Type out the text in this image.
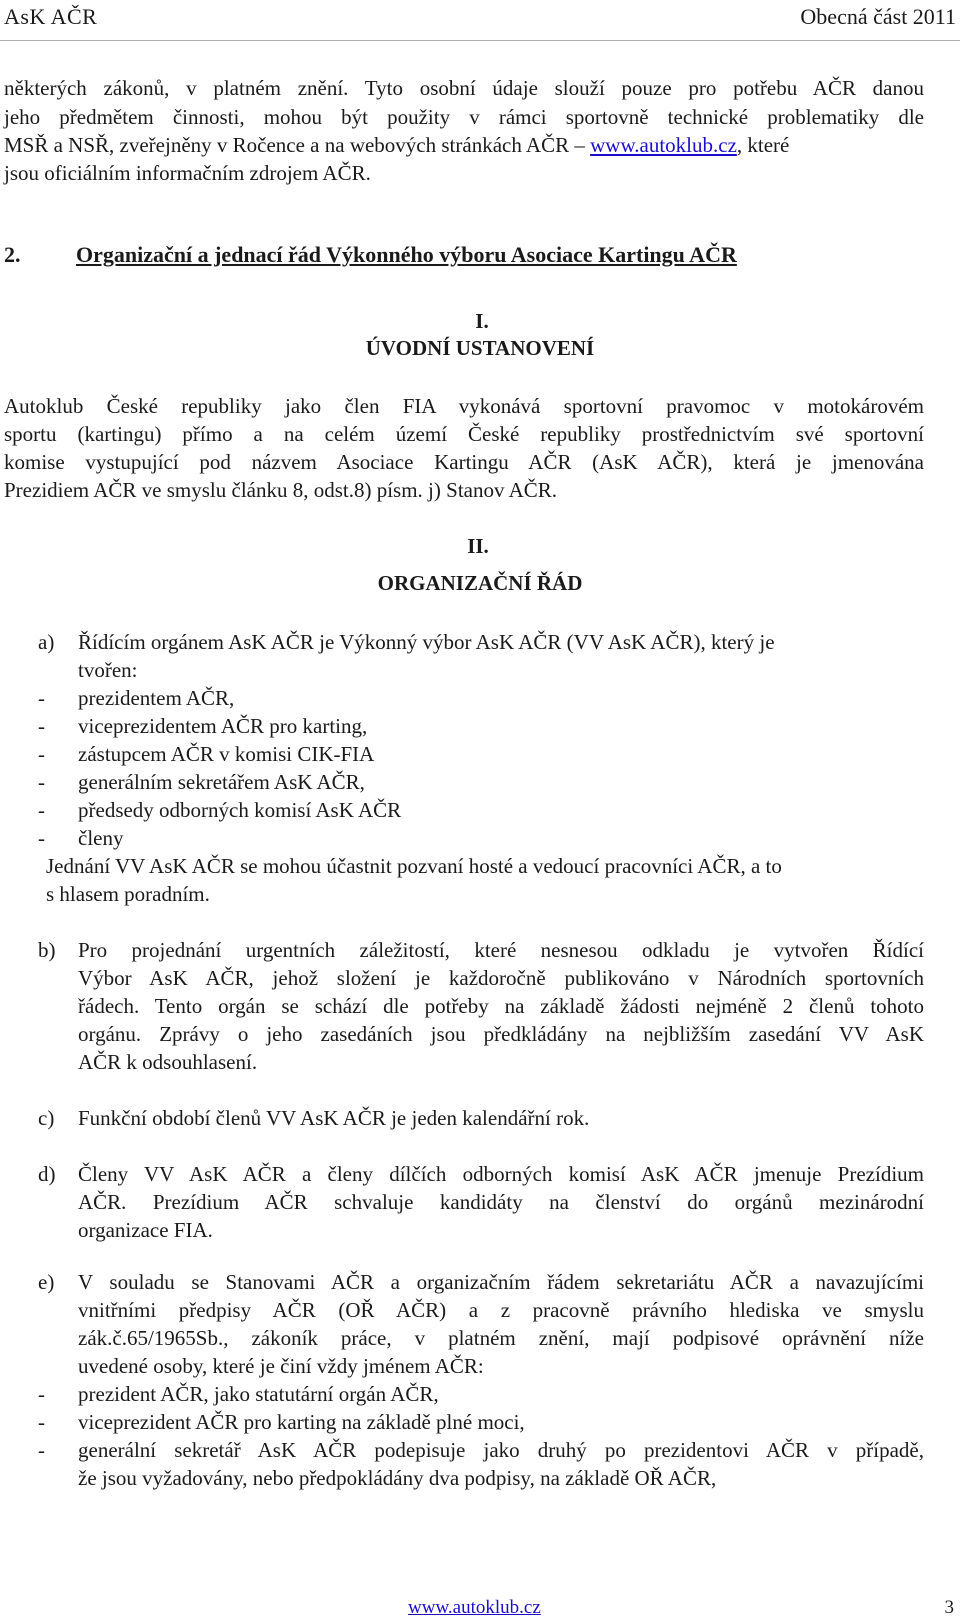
AsK AČR	Obecná část 2011
některých zákonů, v platném znění. Tyto osobní údaje slouží pouze pro potřebu AČR danou
jeho předmětem činnosti, mohou být použity v rámci sportovně technické problematiky dle
MSŘ a NSŘ, zveřejněny v Ročence a na webových stránkách AČR – www.autoklub.cz, které
jsou oficiálním informačním zdrojem AČR.
2.	Organizační a jednací řád Výkonného výboru Asociace Kartingu AČR
I.
ÚVODNÍ USTANOVENÍ
Autoklub České republiky jako člen FIA vykonává sportovní pravomoc v motokárovém
sportu (kartingu) přímo a na celém území České republiky prostřednictvím své sportovní
komise vystupující pod názvem Asociace Kartingu AČR (AsK AČR), která je jmenována
Prezidiem AČR ve smyslu článku 8, odst.8) písm. j) Stanov AČR.
II.
ORGANIZAČNÍ ŘÁD
a) Řídícím orgánem AsK AČR je Výkonný výbor AsK AČR (VV AsK AČR), který je
tvořen:
- prezidentem AČR,
- viceprezidentem AČR pro karting,
- zástupcem AČR v komisi CIK-FIA
- generálním sekretářem AsK AČR,
- předsedy odborných komisí AsK AČR
- členy
Jednání VV AsK AČR se mohou účastnit pozvaní hosté a vedoucí pracovníci AČR, a to
s hlasem poradním.
b) Pro projednání urgentních záležitostí, které nesnesou odkladu je vytvořen Řídící
Výbor AsK AČR, jehož složení je každoročně publikováno v Národních sportovních
řádech. Tento orgán se schází dle potřeby na základě žádosti nejméně 2 členů tohoto
orgánu. Zprávy o jeho zasedáních jsou předkládány na nejbližším zasedání VV AsK
AČR k odsouhlasení.
c) Funkční období členů VV AsK AČR je jeden kalendářní rok.
d) Členy VV AsK AČR a členy dílčích odborných komisí AsK AČR jmenuje Prezídium
AČR. Prezídium AČR schvaluje kandidáty na členství do orgánů mezinárodní
organizace FIA.
e) V souladu se Stanovami AČR a organizačním řádem sekretariátu AČR a navazujícími
vnitřními předpisy AČR (OŘ AČR) a z pracovně právního hlediska ve smyslu
zák.č.65/1965Sb., zákoník práce, v platném znění, mají podpisové oprávnění níže
uvedené osoby, které je činí vždy jménem AČR:
- prezident AČR, jako statutární orgán AČR,
- viceprezident AČR pro karting na základě plné moci,
- generální sekretář AsK AČR podepisuje jako druhý po prezidentovi AČR v případě,
že jsou vyžadovány, nebo předpokládány dva podpisy, na základě OŘ AČR,
www.autoklub.cz	3
